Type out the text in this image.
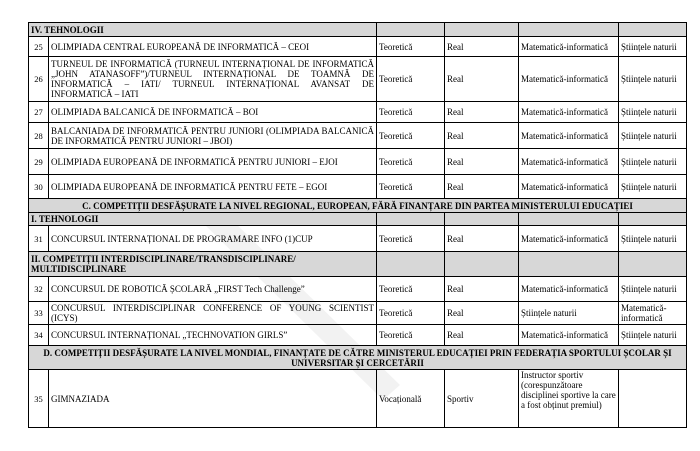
IV. TEHNOLOGII					
25	OLIMPIADA CENTRAL EUROPEANĂ DE INFORMATICĂ – CEOI	Teoretică	Real	Matematică-informatică	Științele naturii
26	TURNEUL DE INFORMATICĂ (TURNEUL INTERNAȚIONAL DE INFORMATICĂ „JOHN ATANASOFF”)/TURNEUL INTERNAȚIONAL DE TOAMNĂ DE INFORMATICĂ – IATI/ TURNEUL INTERNAȚIONAL AVANSAT DE INFORMATICĂ – IATI	Teoretică	Real	Matematică-informatică	Științele naturii
27	OLIMPIADA BALCANICĂ DE INFORMATICĂ – BOI	Teoretică	Real	Matematică-informatică	Științele naturii
28	BALCANIADA DE INFORMATICĂ PENTRU JUNIORI (OLIMPIADA BALCANICĂ DE INFORMATICĂ PENTRU JUNIORI – JBOI)	Teoretică	Real	Matematică-informatică	Științele naturii
29	OLIMPIADA EUROPEANĂ DE INFORMATICĂ PENTRU JUNIORI – EJOI	Teoretică	Real	Matematică-informatică	Științele naturii
30	OLIMPIADA EUROPEANĂ DE INFORMATICĂ PENTRU FETE – EGOI	Teoretică	Real	Matematică-informatică	Științele naturii
C. COMPETIȚII DESFĂȘURATE LA NIVEL REGIONAL, EUROPEAN, FĂRĂ FINANȚARE DIN PARTEA MINISTERULUI EDUCAȚIEI					
I. TEHNOLOGII					
31	CONCURSUL INTERNAȚIONAL DE PROGRAMARE INFO (1)CUP	Teoretică	Real	Matematică-informatică	Științele naturii
II. COMPETIȚII INTERDISCIPLINARE/TRANSDISCIPLINARE/ MULTIDISCIPLINARE					
32	CONCURSUL DE ROBOTICĂ ȘCOLARĂ „FIRST Tech Challenge”	Teoretică	Real	Matematică-informatică	Științele naturii
33	CONCURSUL INTERDISCIPLINAR CONFERENCE OF YOUNG SCIENTIST (ICYS)	Teoretică	Real	Științele naturii	Matematică-informatică
34	CONCURSUL INTERNAȚIONAL „TECHNOVATION GIRLS”	Teoretică	Real	Matematică-informatică	Științele naturii
D. COMPETIȚII DESFĂȘURATE LA NIVEL MONDIAL, FINANȚATE DE CĂTRE MINISTERUL EDUCAȚIEI PRIN FEDERAȚIA SPORTULUI ȘCOLAR ȘI UNIVERSITAR ȘI CERCETĂRII					
35	GIMNAZIADA	Vocațională	Sportiv	Instructor sportiv (corespunzătoare disciplinei sportive la care a fost obținut premiul)	
